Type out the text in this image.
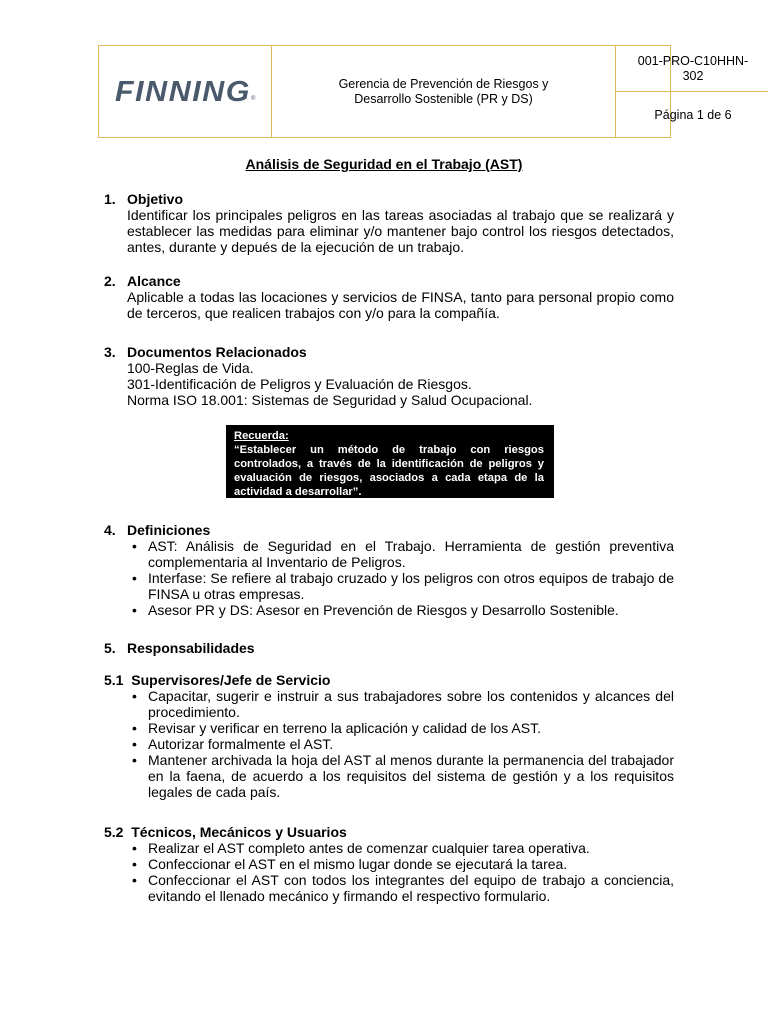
FINNING ®
Gerencia de Prevención de Riesgos y Desarrollo Sostenible (PR y DS)
001-PRO-C10HHN-302
Página 1 de 6
Análisis de Seguridad en el Trabajo (AST)
1. Objetivo
Identificar los principales peligros en las tareas asociadas al trabajo que se realizará y establecer las medidas para eliminar y/o mantener bajo control los riesgos detectados, antes, durante y depués de la ejecución de un trabajo.
2. Alcance
Aplicable a todas las locaciones y servicios de FINSA, tanto para personal propio como de terceros, que realicen trabajos con y/o para la compañía.
3. Documentos Relacionados
100-Reglas de Vida.
301-Identificación de Peligros y Evaluación de Riesgos.
Norma ISO 18.001: Sistemas de Seguridad y Salud Ocupacional.
Recuerda:
“Establecer un método de trabajo con riesgos controlados, a través de la identificación de peligros y evaluación de riesgos, asociados a cada etapa de la actividad a desarrollar”.
4. Definiciones
• AST: Análisis de Seguridad en el Trabajo. Herramienta de gestión preventiva complementaria al Inventario de Peligros.
• Interfase: Se refiere al trabajo cruzado y los peligros con otros equipos de trabajo de FINSA u otras empresas.
• Asesor PR y DS: Asesor en Prevención de Riesgos y Desarrollo Sostenible.
5. Responsabilidades
5.1 Supervisores/Jefe de Servicio
• Capacitar, sugerir e instruir a sus trabajadores sobre los contenidos y alcances del procedimiento.
• Revisar y verificar en terreno la aplicación y calidad de los AST.
• Autorizar formalmente el AST.
• Mantener archivada la hoja del AST al menos durante la permanencia del trabajador en la faena, de acuerdo a los requisitos del sistema de gestión y a los requisitos legales de cada país.
5.2 Técnicos, Mecánicos y Usuarios
• Realizar el AST completo antes de comenzar cualquier tarea operativa.
• Confeccionar el AST en el mismo lugar donde se ejecutará la tarea.
• Confeccionar el AST con todos los integrantes del equipo de trabajo a conciencia, evitando el llenado mecánico y firmando el respectivo formulario.
